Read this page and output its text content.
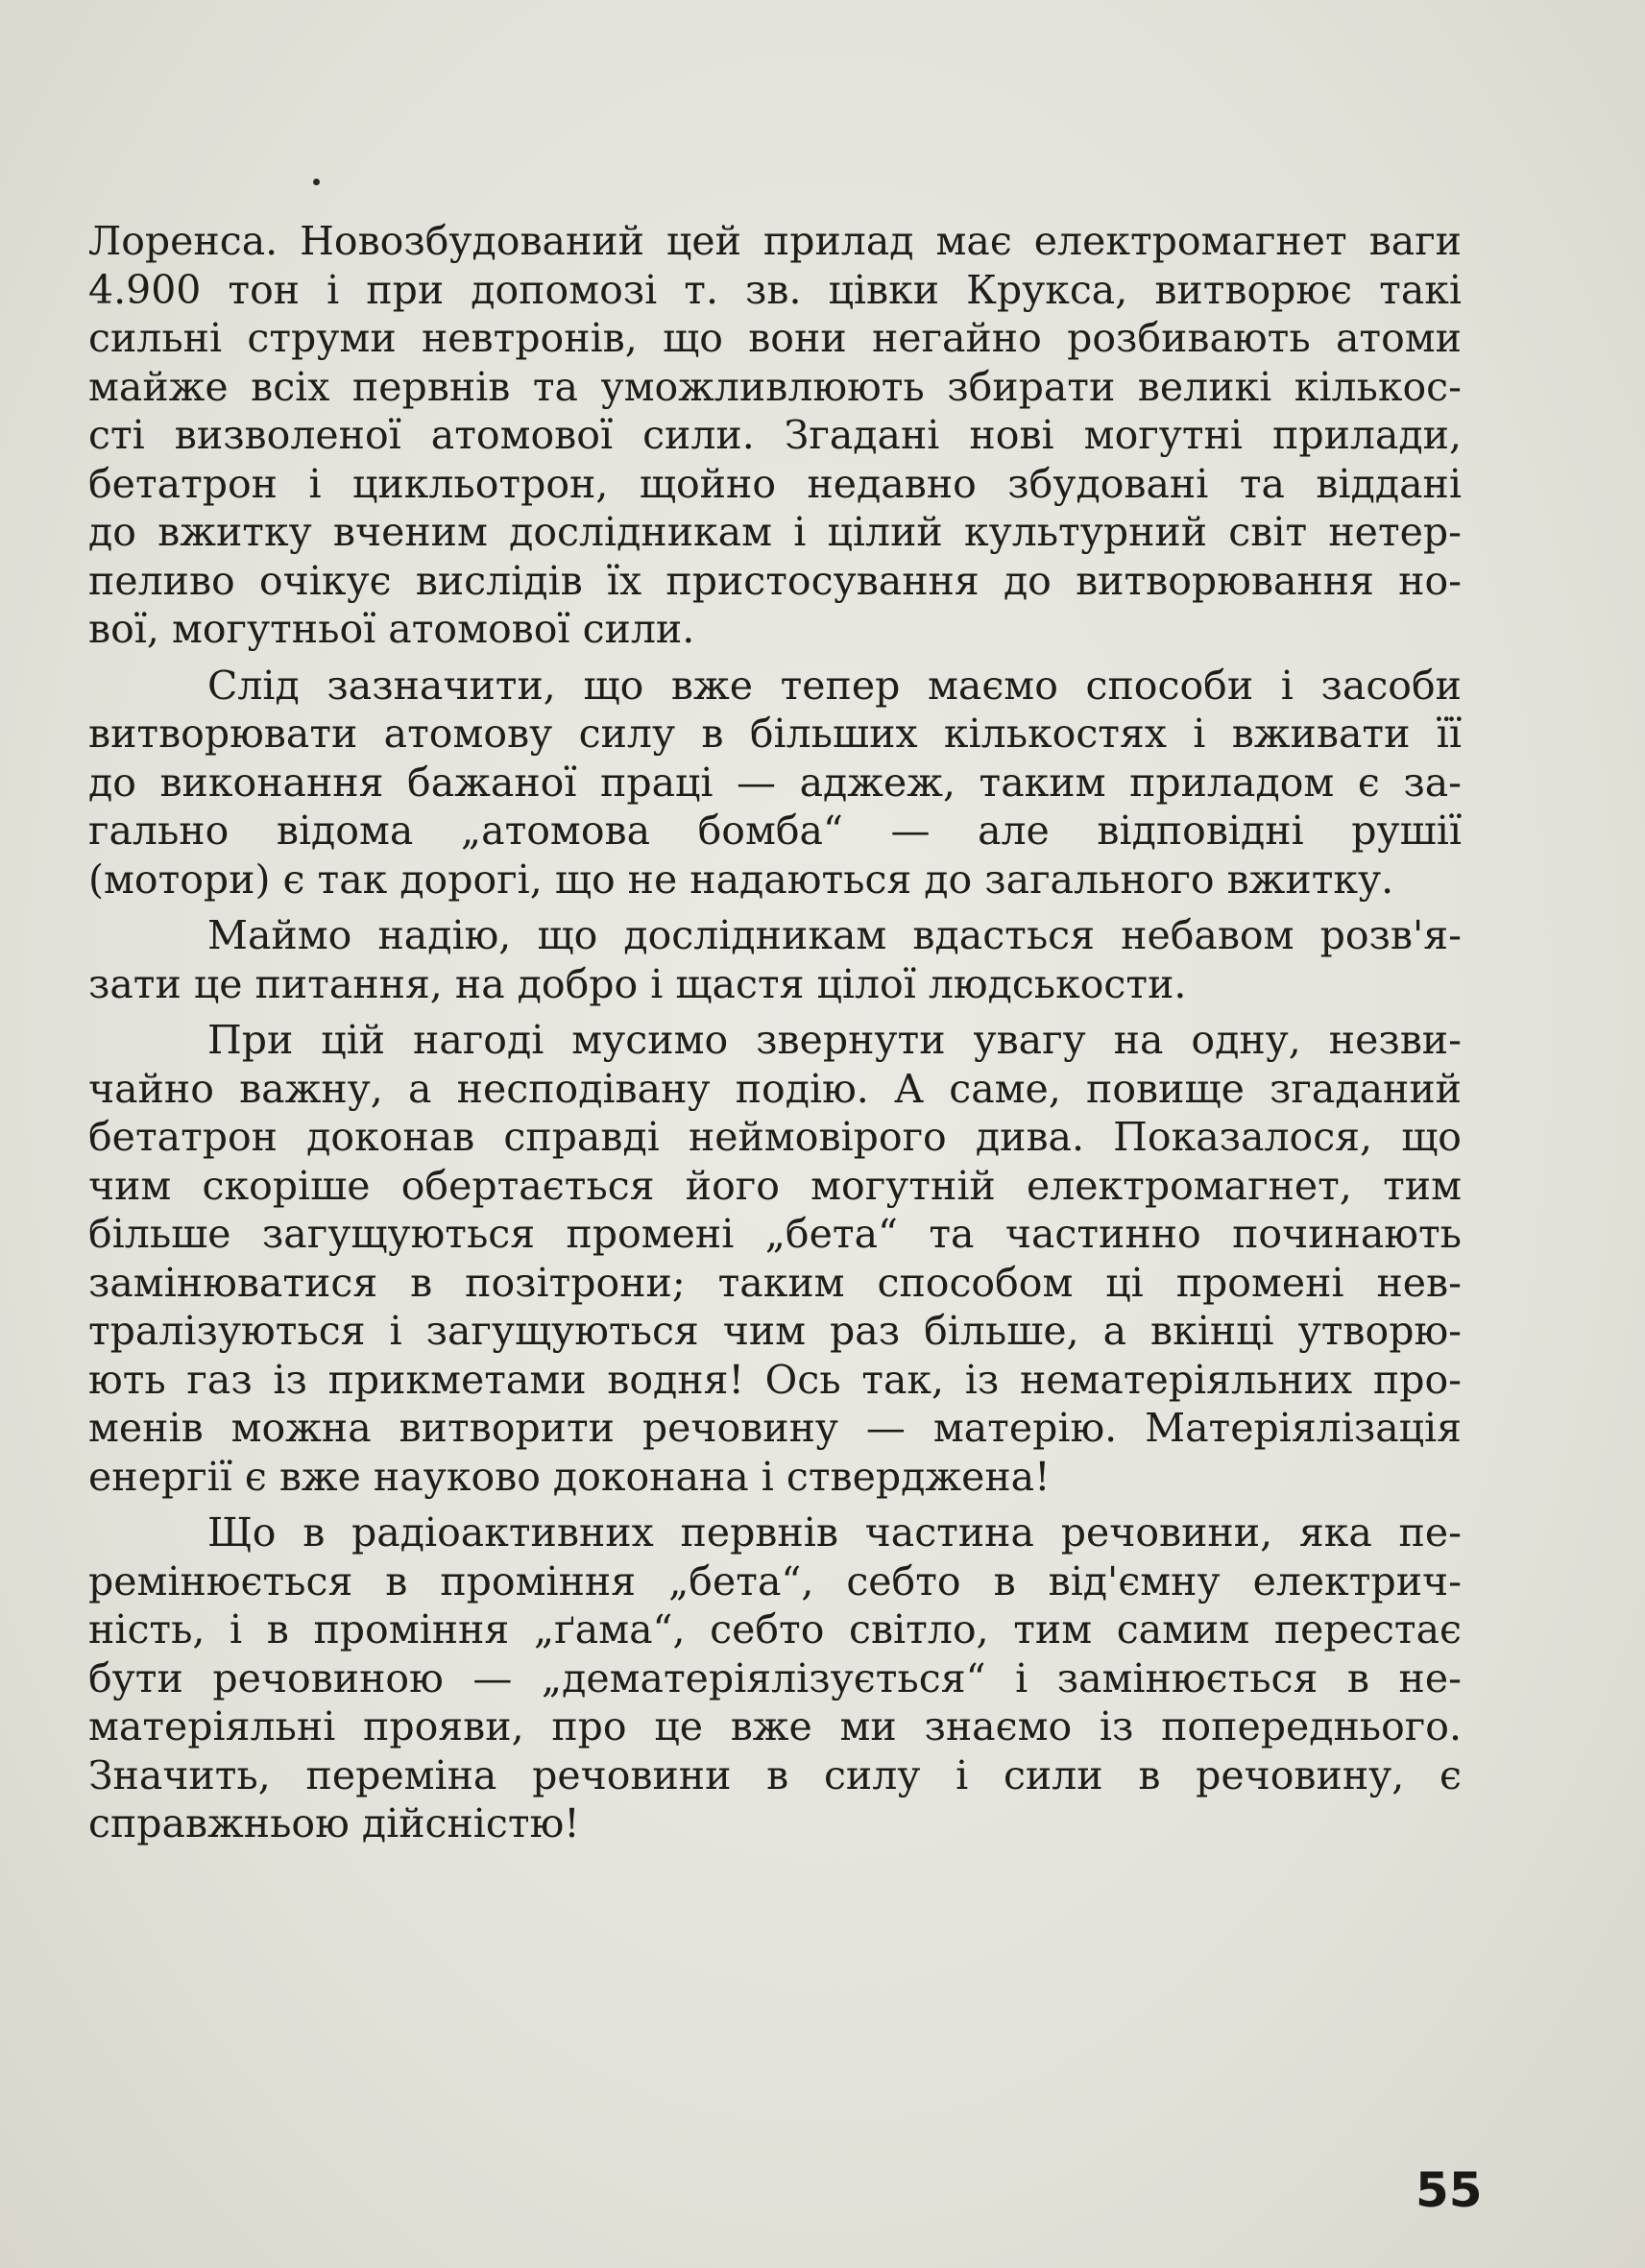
Лоренса. Новозбудований цей прилад має електромагнет ваги
4.900 тон і при допомозі т. зв. цівки Крукса, витворює такі
сильні струми невтронів, що вони негайно розбивають атоми
майже всіх первнів та уможливлюють збирати великі кількос-
сті визволеної атомової сили. Згадані нові могутні прилади,
бетатрон і цикльотрон, щойно недавно збудовані та віддані
до вжитку вченим дослідникам і цілий культурний світ нетер-
пеливо очікує вислідів їх пристосування до витворювання но-
вої, могутньої атомової сили.

Слід зазначити, що вже тепер маємо способи і засоби
витворювати атомову силу в більших кількостях і вживати її
до виконання бажаної праці — аджеж, таким приладом є за-
гально відома „атомова бомба“ — але відповідні рушії
(мотори) є так дорогі, що не надаються до загального вжитку.

Маймо надію, що дослідникам вдасться небавом розв'я-
зати це питання, на добро і щастя цілої людськости.

При цій нагоді мусимо звернути увагу на одну, незви-
чайно важну, а несподівану подію. А саме, повище згаданий
бетатрон доконав справді неймовірого дива. Показалося, що
чим скоріше обертається його могутній електромагнет, тим
більше загущуються промені „бета“ та частинно починають
замінюватися в позітрони; таким способом ці промені нев-
тралізуються і загущуються чим раз більше, а вкінці утворю-
ють газ із прикметами водня! Ось так, із нематеріяльних про-
менів можна витворити речовину — матерію. Матеріялізація
енергії є вже науково доконана і стверджена!

Що в радіоактивних первнів частина речовини, яка пе-
ремінюється в проміння „бета“, себто в від'ємну електрич-
ність, і в проміння „ґама“, себто світло, тим самим перестає
бути речовиною — „дематеріялізується“ і замінюється в не-
матеріяльні прояви, про це вже ми знаємо із попереднього.
Значить, переміна речовини в силу і сили в речовину, є
справжньою дійсністю!

55
